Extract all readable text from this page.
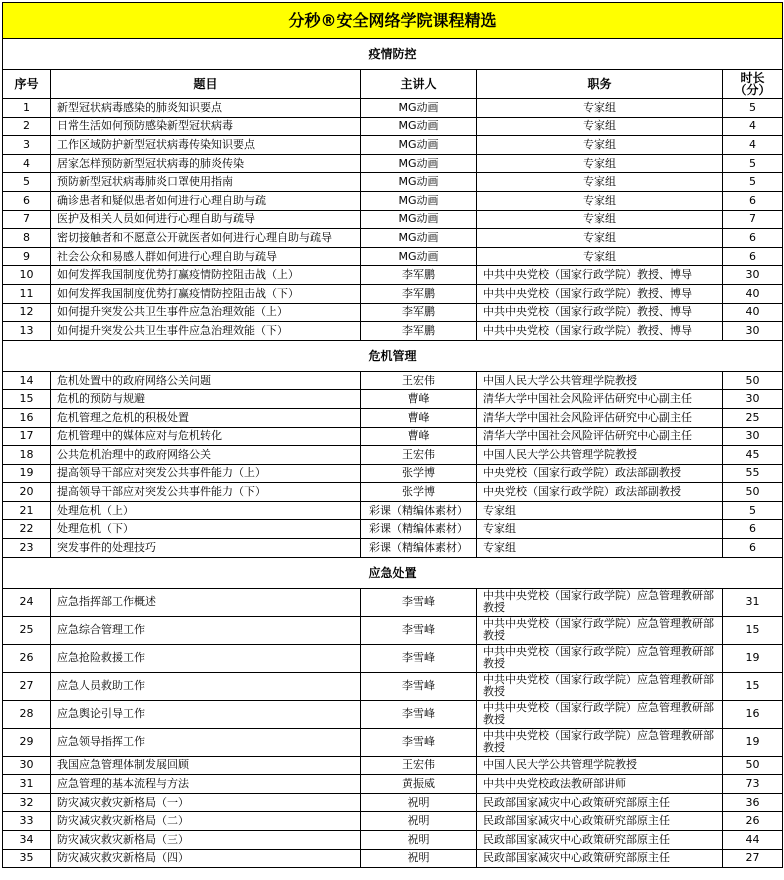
分秒®安全网络学院课程精选				
疫情防控				
序号	题目	主讲人	职务	时长
（分）

1	新型冠状病毒感染的肺炎知识要点	MG动画	专家组	5
2	日常生活如何预防感染新型冠状病毒	MG动画	专家组	4
3	工作区域防护新型冠状病毒传染知识要点	MG动画	专家组	4
4	居家怎样预防新型冠状病毒的肺炎传染	MG动画	专家组	5
5	预防新型冠状病毒肺炎口罩使用指南	MG动画	专家组	5
6	确诊患者和疑似患者如何进行心理自助与疏	MG动画	专家组	6
7	医护及相关人员如何进行心理自助与疏导	MG动画	专家组	7
8	密切接触者和不愿意公开就医者如何进行心理自助与疏导	MG动画	专家组	6
9	社会公众和易感人群如何进行心理自助与疏导	MG动画	专家组	6
10	如何发挥我国制度优势打赢疫情防控阻击战（上）	李军鹏	中共中央党校（国家行政学院）教授、博导	30
11	如何发挥我国制度优势打赢疫情防控阻击战（下）	李军鹏	中共中央党校（国家行政学院）教授、博导	40
12	如何提升突发公共卫生事件应急治理效能（上）	李军鹏	中共中央党校（国家行政学院）教授、博导	40
13	如何提升突发公共卫生事件应急治理效能（下）	李军鹏	中共中央党校（国家行政学院）教授、博导	30
危机管理				
14	危机处置中的政府网络公关问题	王宏伟	中国人民大学公共管理学院教授	50
15	危机的预防与规避	曹峰	清华大学中国社会风险评估研究中心副主任	30
16	危机管理之危机的积极处置	曹峰	清华大学中国社会风险评估研究中心副主任	25
17	危机管理中的媒体应对与危机转化	曹峰	清华大学中国社会风险评估研究中心副主任	30
18	公共危机治理中的政府网络公关	王宏伟	中国人民大学公共管理学院教授	45
19	提高领导干部应对突发公共事件能力（上）	张学博	中央党校（国家行政学院）政法部副教授	55
20	提高领导干部应对突发公共事件能力（下）	张学博	中央党校（国家行政学院）政法部副教授	50
21	处理危机（上）	彩课（精编体素材）	专家组	5
22	处理危机（下）	彩课（精编体素材）	专家组	6
23	突发事件的处理技巧	彩课（精编体素材）	专家组	6
应急处置				
24	应急指挥部工作概述	李雪峰	中共中央党校（国家行政学院）应急管理教研部教授	31
25	应急综合管理工作	李雪峰	中共中央党校（国家行政学院）应急管理教研部教授	15
26	应急抢险救援工作	李雪峰	中共中央党校（国家行政学院）应急管理教研部教授	19
27	应急人员救助工作	李雪峰	中共中央党校（国家行政学院）应急管理教研部教授	15
28	应急舆论引导工作	李雪峰	中共中央党校（国家行政学院）应急管理教研部教授	16
29	应急领导指挥工作	李雪峰	中共中央党校（国家行政学院）应急管理教研部教授	19
30	我国应急管理体制发展回顾	王宏伟	中国人民大学公共管理学院教授	50
31	应急管理的基本流程与方法	黄振威	中共中央党校政法教研部讲师	73
32	防灾减灾救灾新格局（一）	祝明	民政部国家减灾中心政策研究部原主任	36
33	防灾减灾救灾新格局（二）	祝明	民政部国家减灾中心政策研究部原主任	26
34	防灾减灾救灾新格局（三）	祝明	民政部国家减灾中心政策研究部原主任	44
35	防灾减灾救灾新格局（四）	祝明	民政部国家减灾中心政策研究部原主任	27
